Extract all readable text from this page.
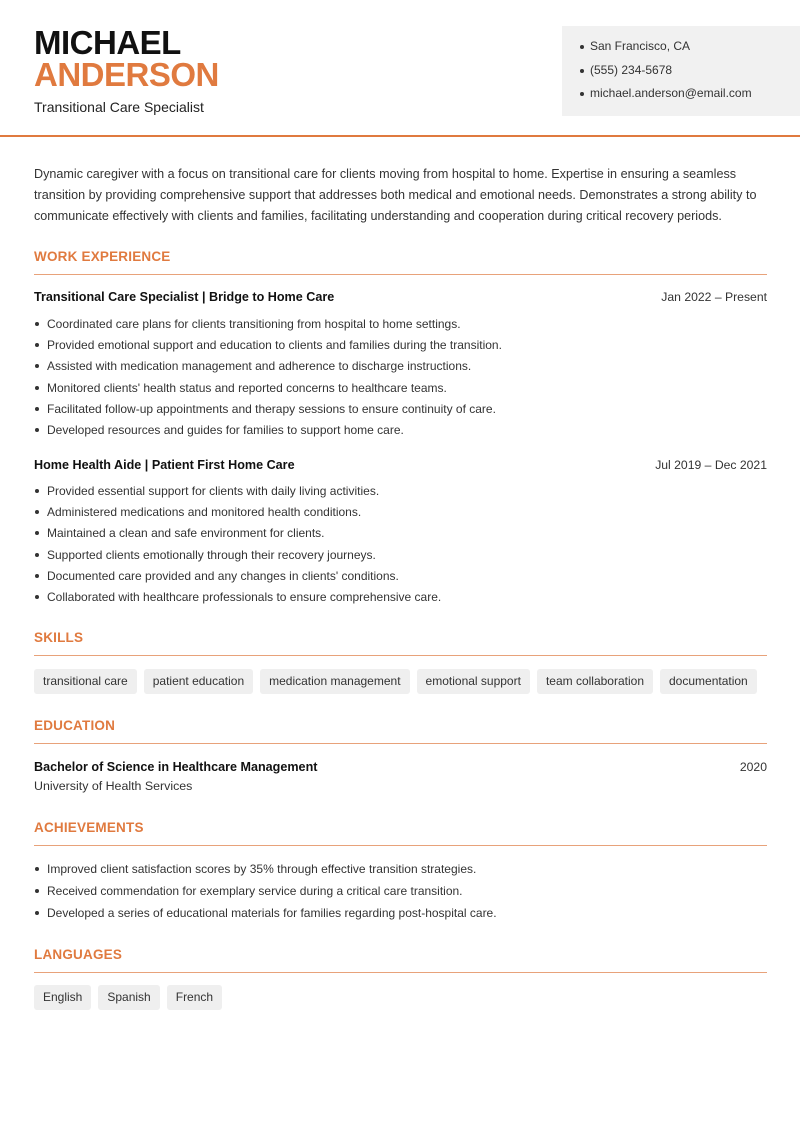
MICHAEL
ANDERSON
Transitional Care Specialist
San Francisco, CA
(555) 234-5678
michael.anderson@email.com
Dynamic caregiver with a focus on transitional care for clients moving from hospital to home. Expertise in ensuring a seamless transition by providing comprehensive support that addresses both medical and emotional needs. Demonstrates a strong ability to communicate effectively with clients and families, facilitating understanding and cooperation during critical recovery periods.
WORK EXPERIENCE
Transitional Care Specialist | Bridge to Home Care	Jan 2022 – Present
Coordinated care plans for clients transitioning from hospital to home settings.
Provided emotional support and education to clients and families during the transition.
Assisted with medication management and adherence to discharge instructions.
Monitored clients' health status and reported concerns to healthcare teams.
Facilitated follow-up appointments and therapy sessions to ensure continuity of care.
Developed resources and guides for families to support home care.
Home Health Aide | Patient First Home Care	Jul 2019 – Dec 2021
Provided essential support for clients with daily living activities.
Administered medications and monitored health conditions.
Maintained a clean and safe environment for clients.
Supported clients emotionally through their recovery journeys.
Documented care provided and any changes in clients' conditions.
Collaborated with healthcare professionals to ensure comprehensive care.
SKILLS
transitional care	patient education	medication management	emotional support	team collaboration	documentation
EDUCATION
Bachelor of Science in Healthcare Management	2020
University of Health Services
ACHIEVEMENTS
Improved client satisfaction scores by 35% through effective transition strategies.
Received commendation for exemplary service during a critical care transition.
Developed a series of educational materials for families regarding post-hospital care.
LANGUAGES
English	Spanish	French
